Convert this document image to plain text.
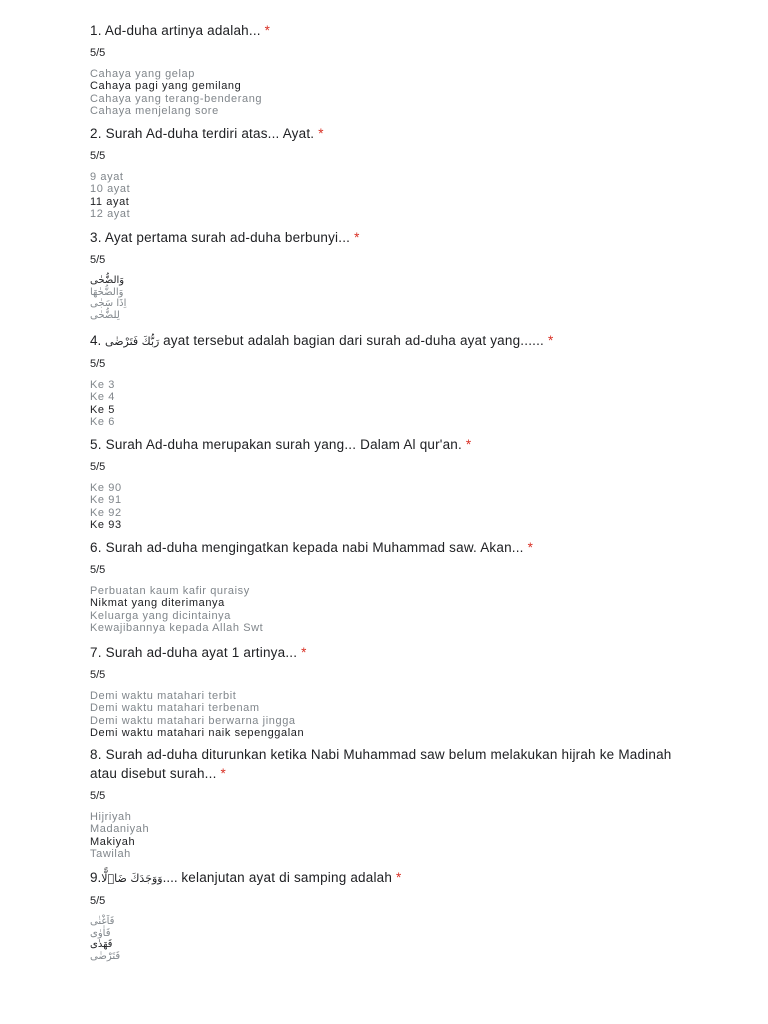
1. Ad-duha artinya adalah... *
5/5
Cahaya yang gelap
Cahaya pagi yang gemilang
Cahaya yang terang-benderang
Cahaya menjelang sore
2. Surah Ad-duha terdiri atas... Ayat. *
5/5
9 ayat
10 ayat
11 ayat
12 ayat
3. Ayat pertama surah ad-duha berbunyi... *
5/5
وَالضُّحٰى
وَالضُّحٰهَا
اِذَا سَجٰى
لِلضُّحٰى
4. رَبُّكَ فَتَرْضٰى ayat tersebut adalah bagian dari surah ad-duha ayat yang...... *
5/5
Ke 3
Ke 4
Ke 5
Ke 6
5. Surah Ad-duha merupakan surah yang... Dalam Al qur'an. *
5/5
Ke 90
Ke 91
Ke 92
Ke 93
6. Surah ad-duha mengingatkan kepada nabi Muhammad saw. Akan... *
5/5
Perbuatan kaum kafir quraisy
Nikmat yang diterimanya
Keluarga yang dicintainya
Kewajibannya kepada Allah Swt
7. Surah ad-duha ayat 1 artinya... *
5/5
Demi waktu matahari terbit
Demi waktu matahari terbenam
Demi waktu matahari berwarna jingga
Demi waktu matahari naik sepenggalan
8. Surah ad-duha diturunkan ketika Nabi Muhammad saw belum melakukan hijrah ke Madinah atau disebut surah... *
5/5
Hijriyah
Madaniyah
Makiyah
Tawilah
9.وَوَجَدَكَ ضَاۤلًّا.... kelanjutan ayat di samping adalah *
5/5
فَاَغْنٰى
فَاٰوٰى
فَهَدٰى
فَتَرْضٰى
